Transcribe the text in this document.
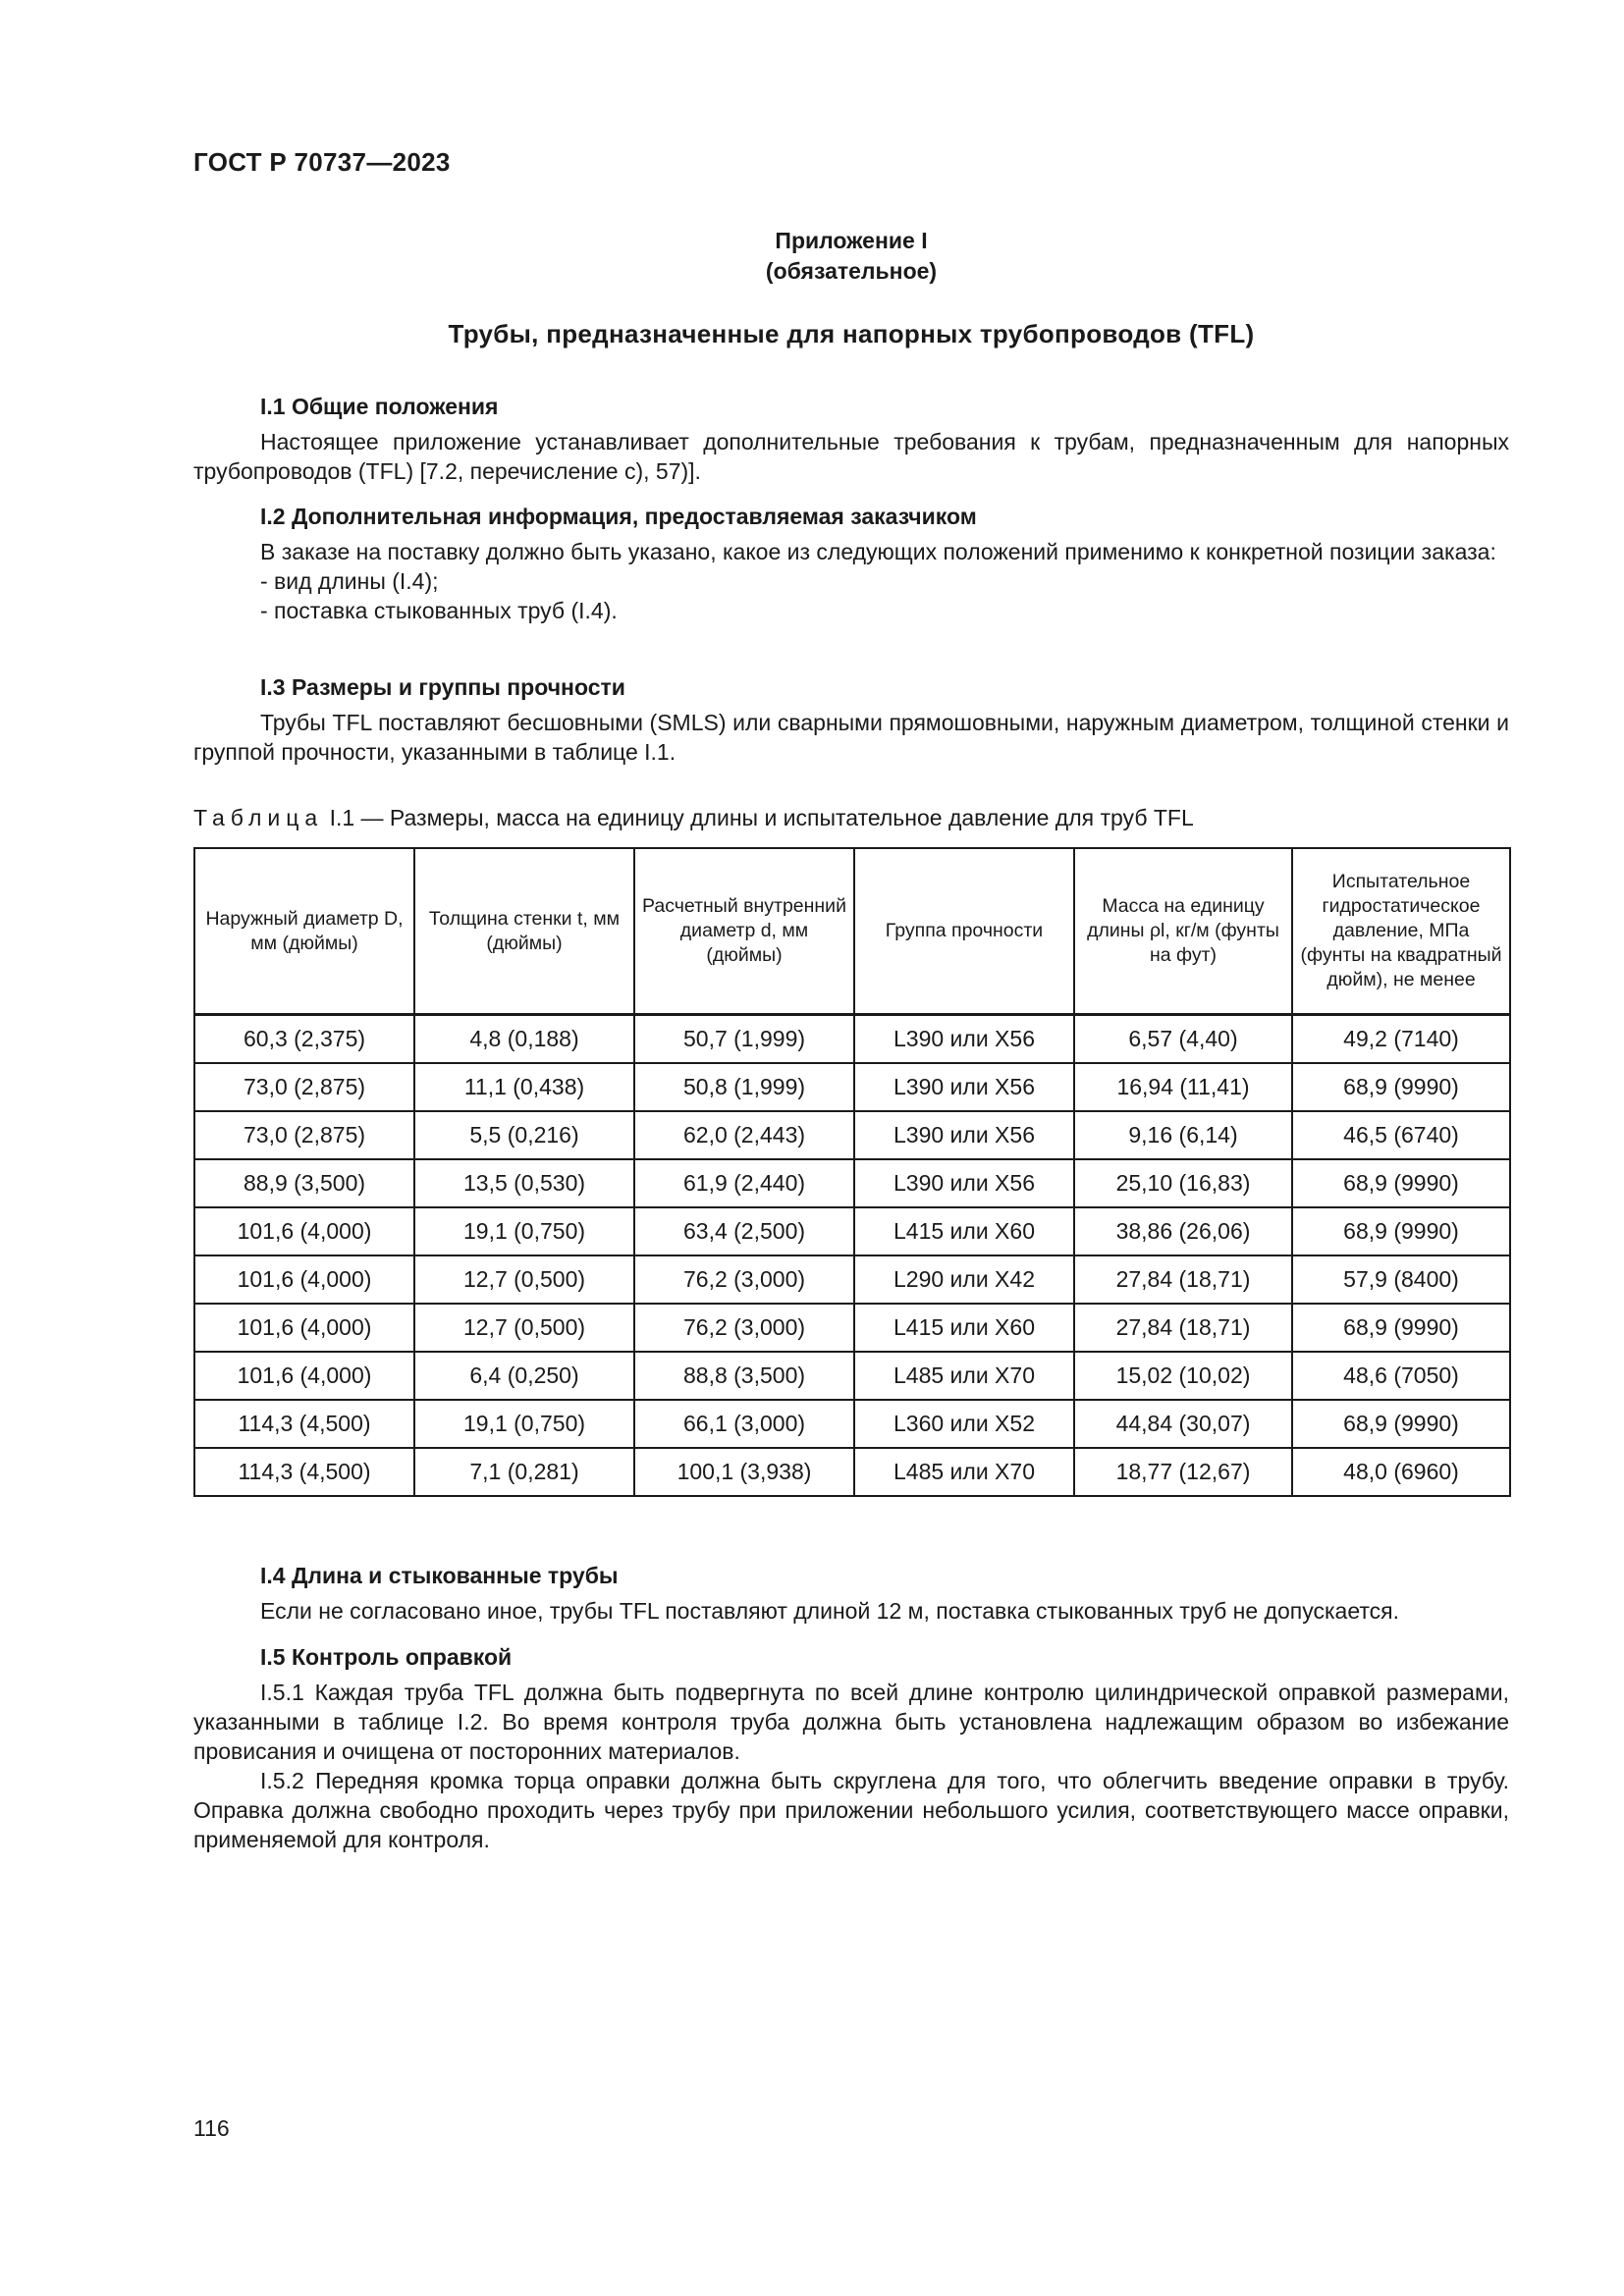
ГОСТ Р 70737—2023
Приложение I
(обязательное)
Трубы, предназначенные для напорных трубопроводов (TFL)
I.1 Общие положения
Настоящее приложение устанавливает дополнительные требования к трубам, предназначенным для напорных трубопроводов (TFL) [7.2, перечисление с), 57)].
I.2 Дополнительная информация, предоставляемая заказчиком
В заказе на поставку должно быть указано, какое из следующих положений применимо к конкретной позиции заказа:
- вид длины (I.4);
- поставка стыкованных труб (I.4).
I.3 Размеры и группы прочности
Трубы TFL поставляют бесшовными (SMLS) или сварными прямошовными, наружным диаметром, толщиной стенки и группой прочности, указанными в таблице I.1.
Таблица I.1 — Размеры, масса на единицу длины и испытательное давление для труб TFL
Наружный диаметр D, мм (дюймы)	Толщина стенки t, мм (дюймы)	Расчетный внутренний диаметр d, мм (дюймы)	Группа прочности	Масса на единицу длины ρl, кг/м (фунты на фут)	Испытательное гидростатическое давление, МПа (фунты на квадратный дюйм), не менее
60,3 (2,375)	4,8 (0,188)	50,7 (1,999)	L390 или X56	6,57 (4,40)	49,2 (7140)
73,0 (2,875)	11,1 (0,438)	50,8 (1,999)	L390 или X56	16,94 (11,41)	68,9 (9990)
73,0 (2,875)	5,5 (0,216)	62,0 (2,443)	L390 или X56	9,16 (6,14)	46,5 (6740)
88,9 (3,500)	13,5 (0,530)	61,9 (2,440)	L390 или X56	25,10 (16,83)	68,9 (9990)
101,6 (4,000)	19,1 (0,750)	63,4 (2,500)	L415 или X60	38,86 (26,06)	68,9 (9990)
101,6 (4,000)	12,7 (0,500)	76,2 (3,000)	L290 или X42	27,84 (18,71)	57,9 (8400)
101,6 (4,000)	12,7 (0,500)	76,2 (3,000)	L415 или X60	27,84 (18,71)	68,9 (9990)
101,6 (4,000)	6,4 (0,250)	88,8 (3,500)	L485 или X70	15,02 (10,02)	48,6 (7050)
114,3 (4,500)	19,1 (0,750)	66,1 (3,000)	L360 или X52	44,84 (30,07)	68,9 (9990)
114,3 (4,500)	7,1 (0,281)	100,1 (3,938)	L485 или X70	18,77 (12,67)	48,0 (6960)
I.4 Длина и стыкованные трубы
Если не согласовано иное, трубы TFL поставляют длиной 12 м, поставка стыкованных труб не допускается.
I.5 Контроль оправкой
I.5.1 Каждая труба TFL должна быть подвергнута по всей длине контролю цилиндрической оправкой размерами, указанными в таблице I.2. Во время контроля труба должна быть установлена надлежащим образом во избежание провисания и очищена от посторонних материалов.
I.5.2 Передняя кромка торца оправки должна быть скруглена для того, что облегчить введение оправки в трубу. Оправка должна свободно проходить через трубу при приложении небольшого усилия, соответствующего массе оправки, применяемой для контроля.
116
